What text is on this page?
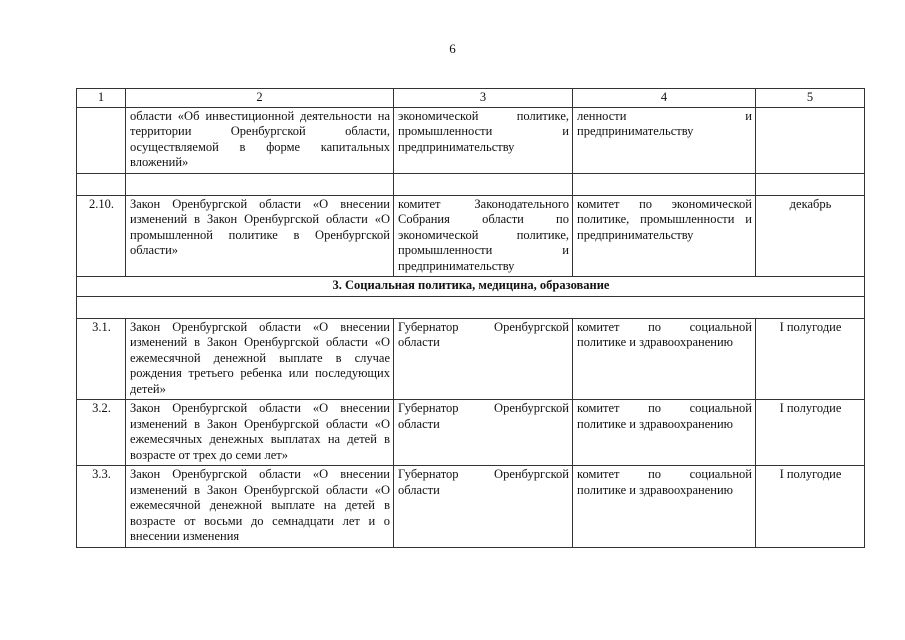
6
1	2	3	4	5
	области «Об инвестиционной деятельности на территории Оренбургской области, осуществляемой в форме капитальных вложений»	экономической политике, промышленности и предпринимательству	ленности и предпринимательству	

2.10.	Закон Оренбургской области «О внесении изменений в Закон Оренбургской области «О промышленной политике в Оренбургской области»	комитет Законодательного Собрания области по экономической политике, промышленности и предпринимательству	комитет по экономической политике, промышленности и предпринимательству	декабрь
3. Социальная политика, медицина, образование				

3.1.	Закон Оренбургской области «О внесении изменений в Закон Оренбургской области «О ежемесячной денежной выплате в случае рождения третьего ребенка или последующих детей»	Губернатор Оренбургской области	комитет по социальной политике и здравоохранению	I полугодие
3.2.	Закон Оренбургской области «О внесении изменений в Закон Оренбургской области «О ежемесячных денежных выплатах на детей в возрасте от трех до семи лет»	Губернатор Оренбургской области	комитет по социальной политике и здравоохранению	I полугодие
3.3.	Закон Оренбургской области «О внесении изменений в Закон Оренбургской области «О ежемесячной денежной выплате на детей в возрасте от восьми до семнадцати лет и о внесении изменения	Губернатор Оренбургской области	комитет по социальной политике и здравоохранению	I полугодие
